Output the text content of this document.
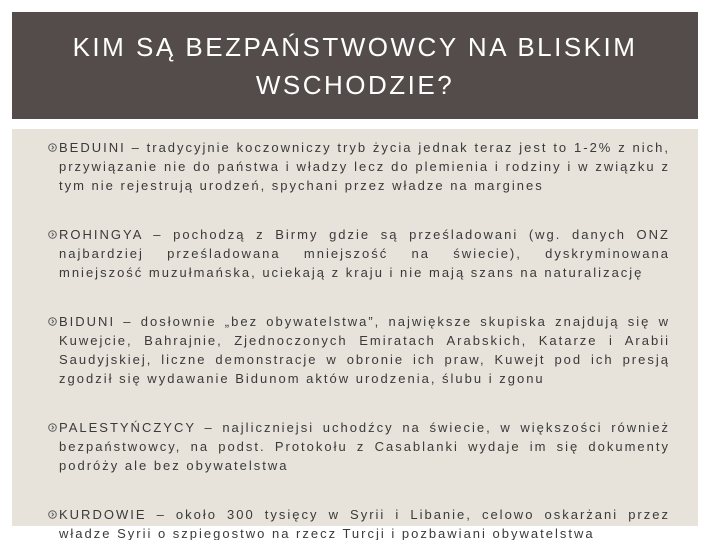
KIM SĄ BEZPAŃSTWOWCY NA BLISKIM WSCHODZIE?
BEDUINI – tradycyjnie koczowniczy tryb życia jednak teraz jest to 1-2% z nich, przywiązanie nie do państwa i władzy lecz do plemienia i rodziny i w związku z tym nie rejestrują urodzeń, spychani przez władze na margines
ROHINGYA – pochodzą z Birmy gdzie są prześladowani (wg. danych ONZ najbardziej prześladowana mniejszość na świecie), dyskryminowana mniejszość muzułmańska, uciekają z kraju i nie mają szans na naturalizację
BIDUNI – dosłownie „bez obywatelstwa”, największe skupiska znajdują się w Kuwejcie, Bahrajnie, Zjednoczonych Emiratach Arabskich, Katarze i Arabii Saudyjskiej, liczne demonstracje w obronie ich praw, Kuwejt pod ich presją zgodził się wydawanie Bidunom aktów urodzenia, ślubu i zgonu
PALESTYŃCZYCY – najliczniejsi uchodźcy na świecie, w większości również bezpaństwowcy, na podst. Protokołu z Casablanki wydaje im się dokumenty podróży ale bez obywatelstwa
KURDOWIE – około 300 tysięcy w Syrii i Libanie, celowo oskarżani przez władze Syrii o szpiegostwo na rzecz Turcji i pozbawiani obywatelstwa
